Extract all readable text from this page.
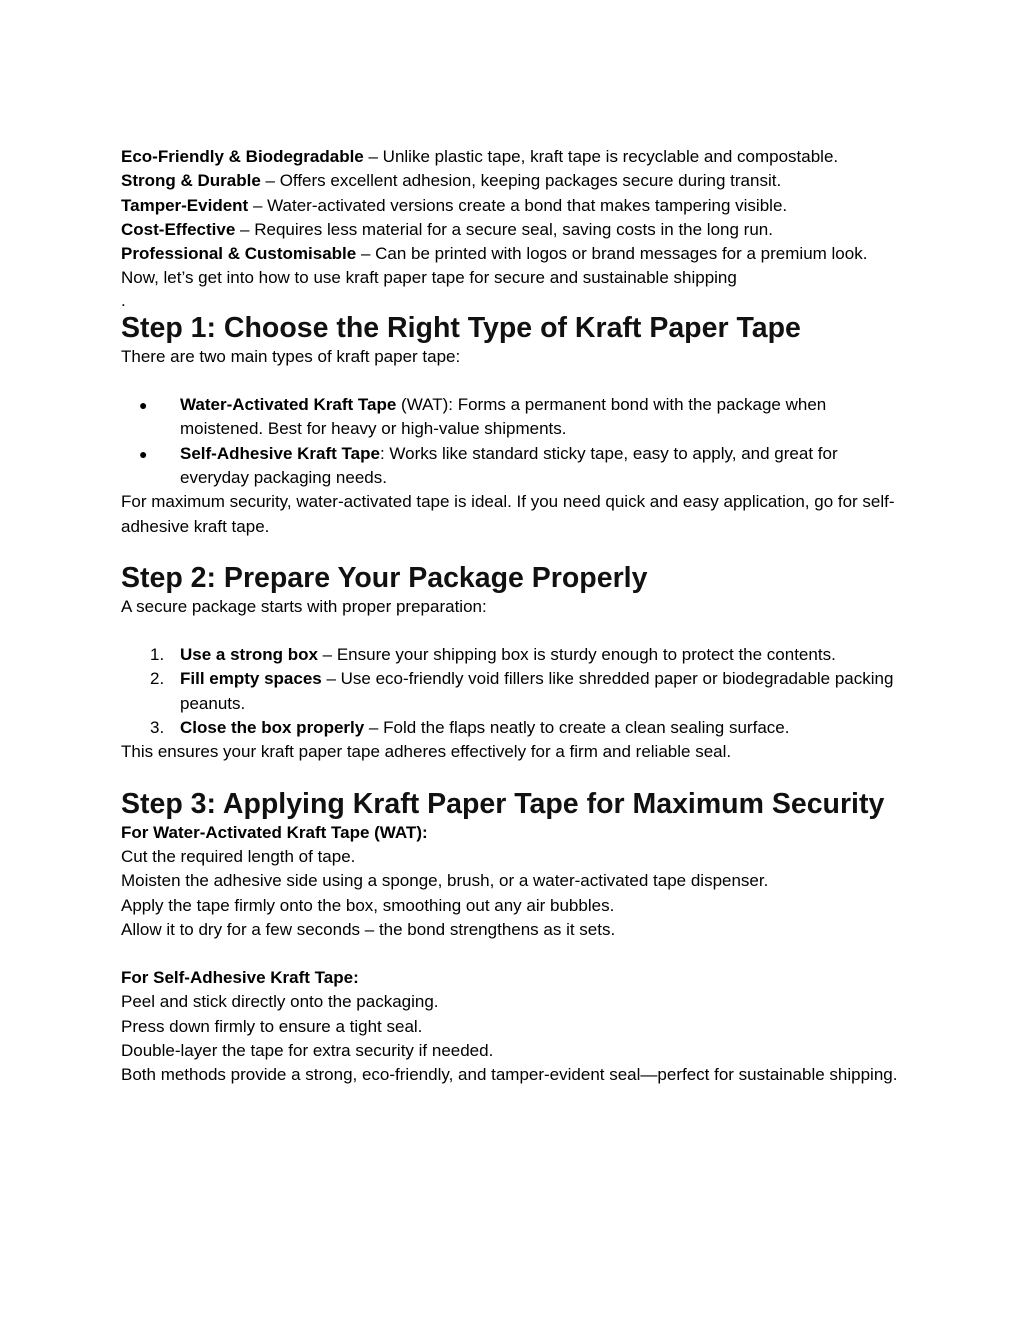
Eco-Friendly & Biodegradable – Unlike plastic tape, kraft tape is recyclable and compostable.

Strong & Durable – Offers excellent adhesion, keeping packages secure during transit.

Tamper-Evident – Water-activated versions create a bond that makes tampering visible.

Cost-Effective – Requires less material for a secure seal, saving costs in the long run.

Professional & Customisable – Can be printed with logos or brand messages for a premium look.

Now, let’s get into how to use kraft paper tape for secure and sustainable shipping

.

Step 1: Choose the Right Type of Kraft Paper Tape

There are two main types of kraft paper tape:

● Water-Activated Kraft Tape (WAT): Forms a permanent bond with the package when moistened. Best for heavy or high-value shipments.
● Self-Adhesive Kraft Tape: Works like standard sticky tape, easy to apply, and great for everyday packaging needs.

For maximum security, water-activated tape is ideal. If you need quick and easy application, go for self-adhesive kraft tape.

Step 2: Prepare Your Package Properly

A secure package starts with proper preparation:

1. Use a strong box – Ensure your shipping box is sturdy enough to protect the contents.
2. Fill empty spaces – Use eco-friendly void fillers like shredded paper or biodegradable packing peanuts.
3. Close the box properly – Fold the flaps neatly to create a clean sealing surface.

This ensures your kraft paper tape adheres effectively for a firm and reliable seal.

Step 3: Applying Kraft Paper Tape for Maximum Security

For Water-Activated Kraft Tape (WAT):

Cut the required length of tape.

Moisten the adhesive side using a sponge, brush, or a water-activated tape dispenser.

Apply the tape firmly onto the box, smoothing out any air bubbles.

Allow it to dry for a few seconds – the bond strengthens as it sets.

For Self-Adhesive Kraft Tape:

Peel and stick directly onto the packaging.

Press down firmly to ensure a tight seal.

Double-layer the tape for extra security if needed.

Both methods provide a strong, eco-friendly, and tamper-evident seal—perfect for sustainable shipping.
